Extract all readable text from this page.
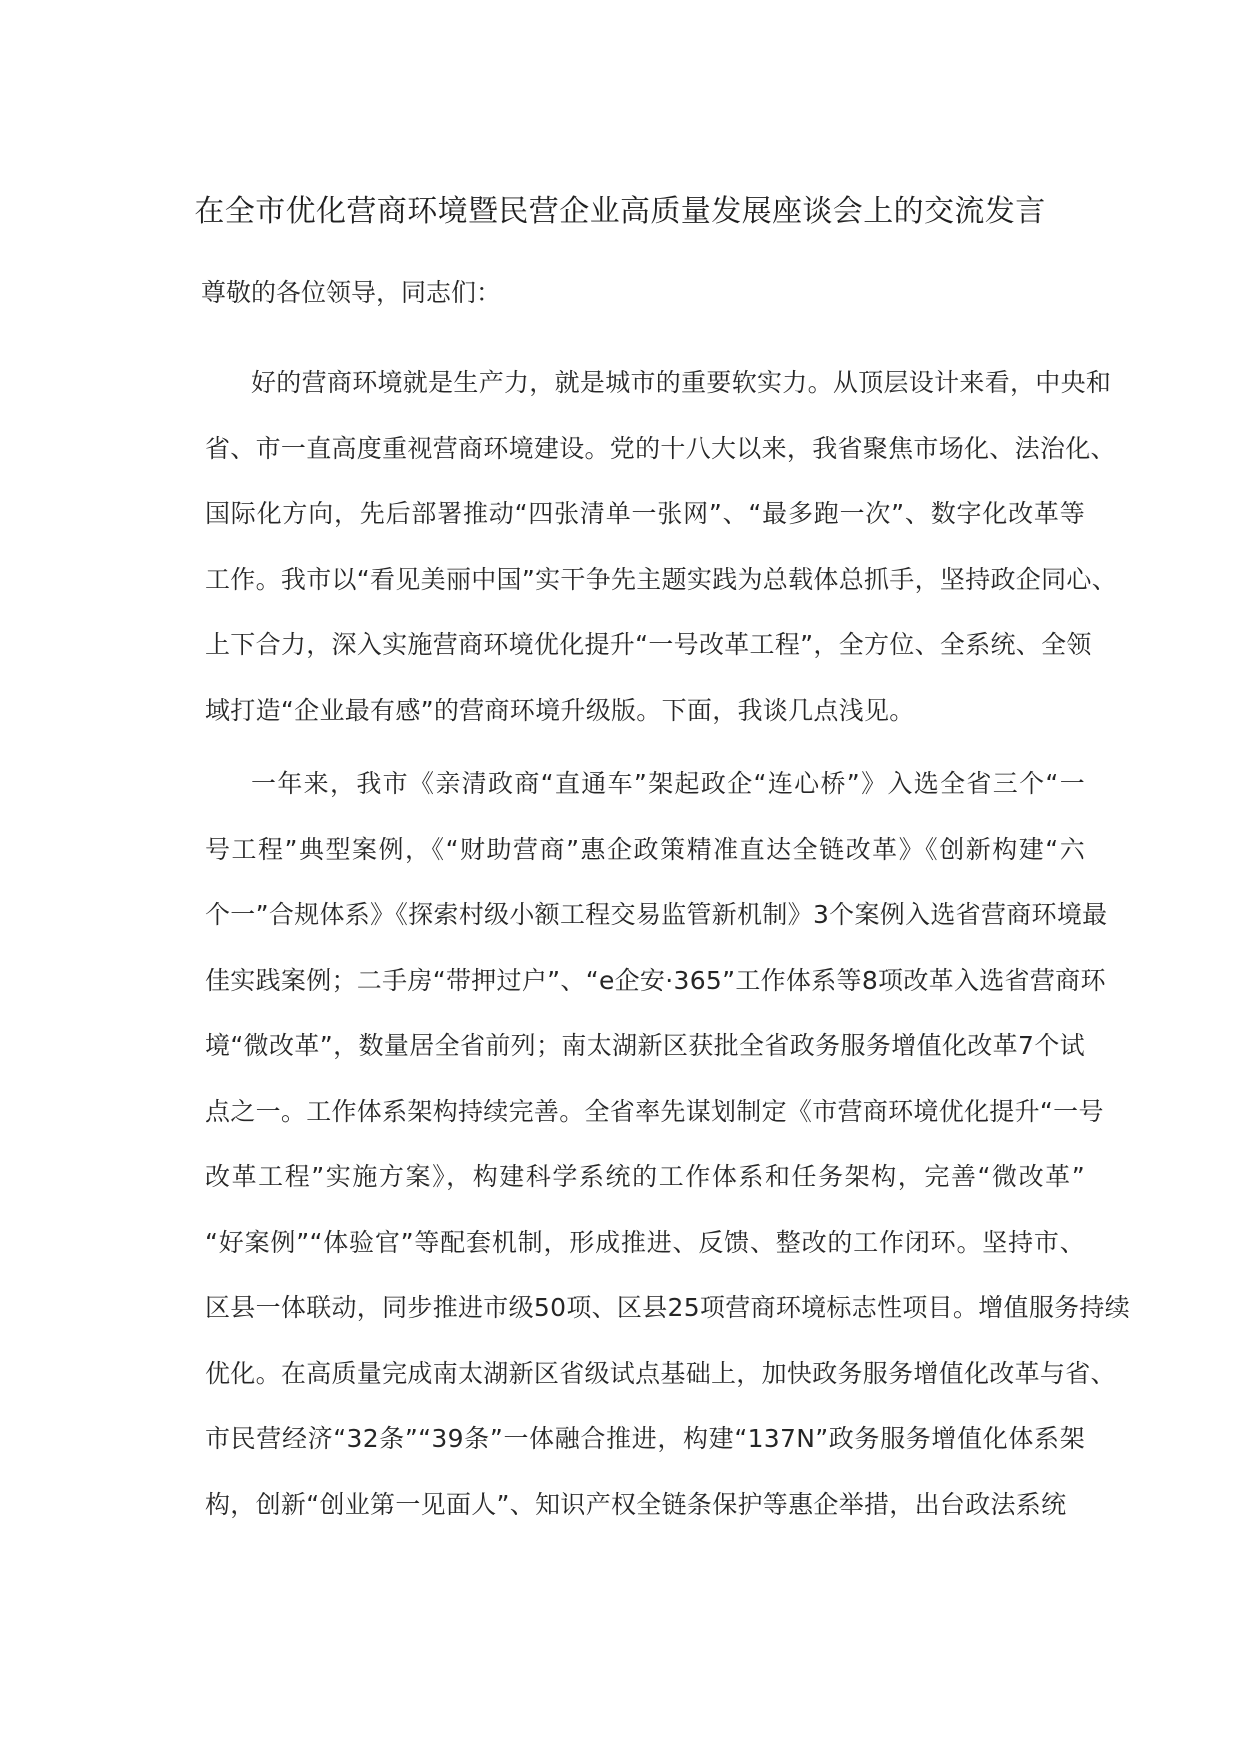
在全市优化营商环境暨民营企业高质量发展座谈会上的交流发言

尊敬的各位领导，同志们：

好的营商环境就是生产力，就是城市的重要软实力。从顶层设计来看，中央和
省、市一直高度重视营商环境建设。党的十八大以来，我省聚焦市场化、法治化、
国际化方向，先后部署推动“四张清单一张网”、“最多跑一次”、数字化改革等
工作。我市以“看见美丽中国”实干争先主题实践为总载体总抓手，坚持政企同心、
上下合力，深入实施营商环境优化提升“一号改革工程”，全方位、全系统、全领
域打造“企业最有感”的营商环境升级版。下面，我谈几点浅见。
一年来，我市《亲清政商“直通车”架起政企“连心桥”》入选全省三个“一
号工程”典型案例，《“财助营商”惠企政策精准直达全链改革》《创新构建“六
个一”合规体系》《探索村级小额工程交易监管新机制》3个案例入选省营商环境最
佳实践案例；二手房“带押过户”、“e企安·365”工作体系等8项改革入选省营商环
境“微改革”，数量居全省前列；南太湖新区获批全省政务服务增值化改革7个试
点之一。工作体系架构持续完善。全省率先谋划制定《市营商环境优化提升“一号
改革工程”实施方案》，构建科学系统的工作体系和任务架构，完善“微改革”
“好案例”“体验官”等配套机制，形成推进、反馈、整改的工作闭环。坚持市、
区县一体联动，同步推进市级50项、区县25项营商环境标志性项目。增值服务持续
优化。在高质量完成南太湖新区省级试点基础上，加快政务服务增值化改革与省、
市民营经济“32条”“39条”一体融合推进，构建“137N”政务服务增值化体系架
构，创新“创业第一见面人”、知识产权全链条保护等惠企举措，出台政法系统
